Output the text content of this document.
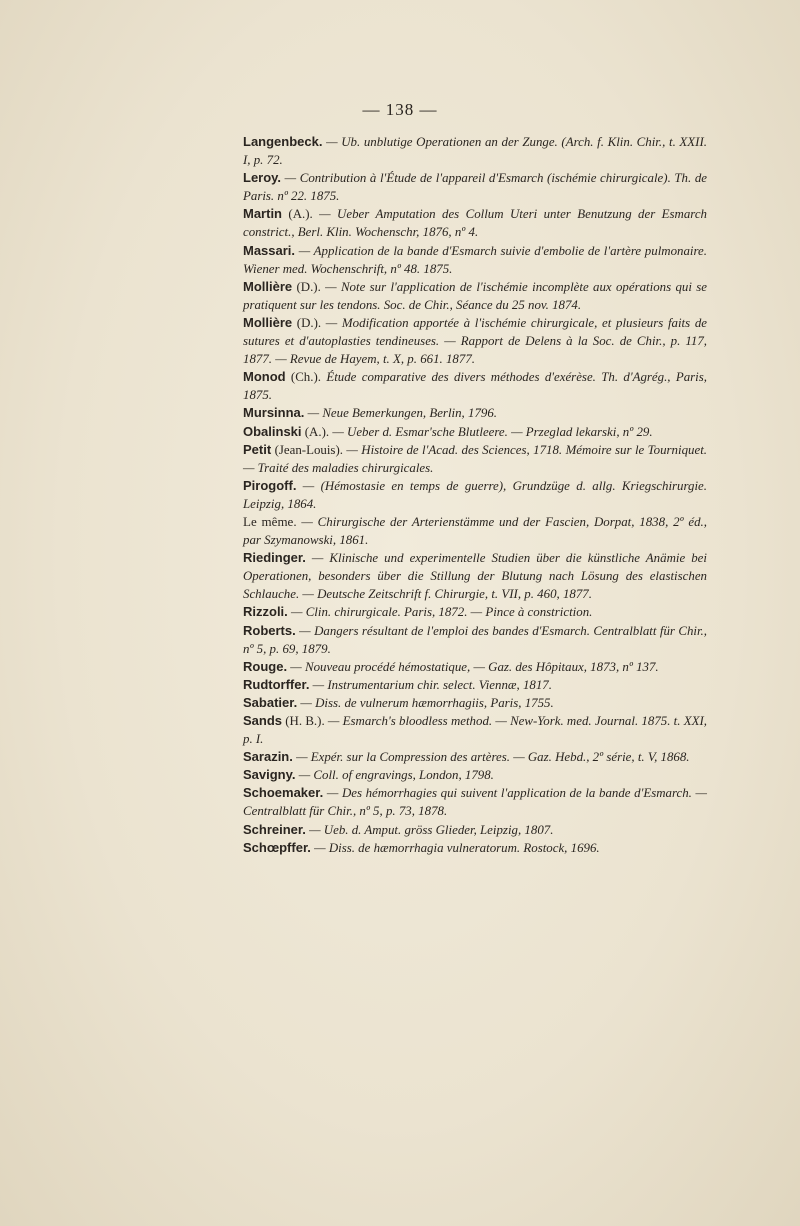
— 138 —

Langenbeck. — Ub. unblutige Operationen an der Zunge. (Arch. f. Klin. Chir., t. XXII. I, p. 72.

Leroy. — Contribution à l'Étude de l'appareil d'Esmarch (ischémie chirurgicale). Th. de Paris. nº 22. 1875.

Martin (A.). — Ueber Amputation des Collum Uteri unter Benutzung der Esmarch constrict., Berl. Klin. Wochenschr, 1876, nº 4.

Massari. — Application de la bande d'Esmarch suivie d'embolie de l'artère pulmonaire. Wiener med. Wochenschrift, nº 48. 1875.

Mollière (D.). — Note sur l'application de l'ischémie incomplète aux opérations qui se pratiquent sur les tendons. Soc. de Chir., Séance du 25 nov. 1874.

Mollière (D.). — Modification apportée à l'ischémie chirurgicale, et plusieurs faits de sutures et d'autoplasties tendineuses. — Rapport de Delens à la Soc. de Chir., p. 117, 1877. — Revue de Hayem, t. X, p. 661. 1877.

Monod (Ch.). Étude comparative des divers méthodes d'exérèse. Th. d'Agrég., Paris, 1875.

Mursinna. — Neue Bemerkungen, Berlin, 1796.

Obalinski (A.). — Ueber d. Esmar'sche Blutleere. — Przeglad lekarski, nº 29.

Petit (Jean-Louis). — Histoire de l'Acad. des Sciences, 1718. Mémoire sur le Tourniquet. — Traité des maladies chirurgicales.

Pirogoff. — (Hémostasie en temps de guerre), Grundzüge d. allg. Kriegschirurgie. Leipzig, 1864.

Le même. — Chirurgische der Arterienstämme und der Fascien, Dorpat, 1838, 2º éd., par Szymanowski, 1861.

Riedinger. — Klinische und experimentelle Studien über die künstliche Anämie bei Operationen, besonders über die Stillung der Blutung nach Lösung des elastischen Schlauche. — Deutsche Zeitschrift f. Chirurgie, t. VII, p. 460, 1877.

Rizzoli. — Clin. chirurgicale. Paris, 1872. — Pince à constriction.

Roberts. — Dangers résultant de l'emploi des bandes d'Esmarch. Centralblatt für Chir., nº 5, p. 69, 1879.

Rouge. — Nouveau procédé hémostatique, — Gaz. des Hôpitaux, 1873, nº 137.

Rudtorffer. — Instrumentarium chir. select. Viennæ, 1817.

Sabatier. — Diss. de vulnerum hæmorrhagiis, Paris, 1755.

Sands (H. B.). — Esmarch's bloodless method. — New-York. med. Journal. 1875. t. XXI, p. I.

Sarazin. — Expér. sur la Compression des artères. — Gaz. Hebd., 2º série, t. V, 1868.

Savigny. — Coll. of engravings, London, 1798.

Schoemaker. — Des hémorrhagies qui suivent l'application de la bande d'Esmarch. — Centralblatt für Chir., nº 5, p. 73, 1878.

Schreiner. — Ueb. d. Amput. gröss Glieder, Leipzig, 1807.

Schœpffer. — Diss. de hæmorrhagia vulneratorum. Rostock, 1696.
